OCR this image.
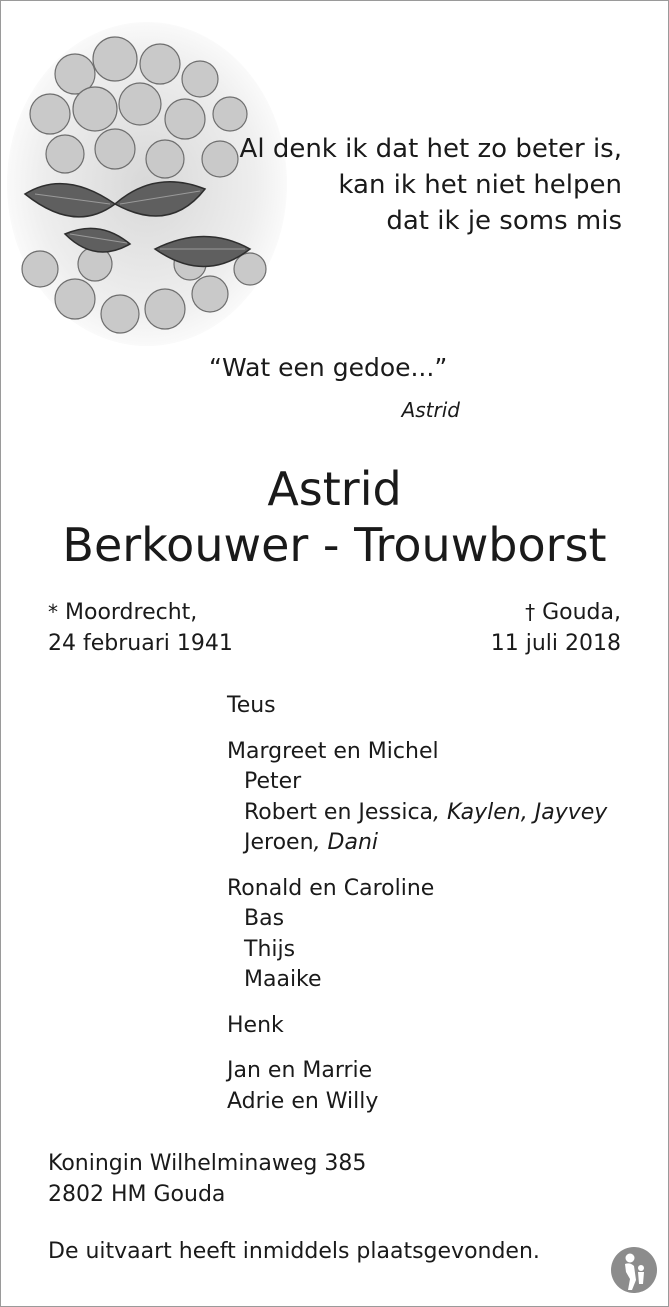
Al denk ik dat het zo beter is,
kan ik het niet helpen
dat ik je soms mis
“Wat een gedoe...”
Astrid
Astrid
Berkouwer - Trouwborst
* Moordrecht,
24 februari 1941
† Gouda,
11 juli 2018
Teus
Margreet en Michel
Peter
Robert en Jessica, Kaylen, Jayvey
Jeroen, Dani
Ronald en Caroline
Bas
Thijs
Maaike
Henk
Jan en Marrie
Adrie en Willy
Koningin Wilhelminaweg 385
2802 HM Gouda
De uitvaart heeft inmiddels plaatsgevonden.
